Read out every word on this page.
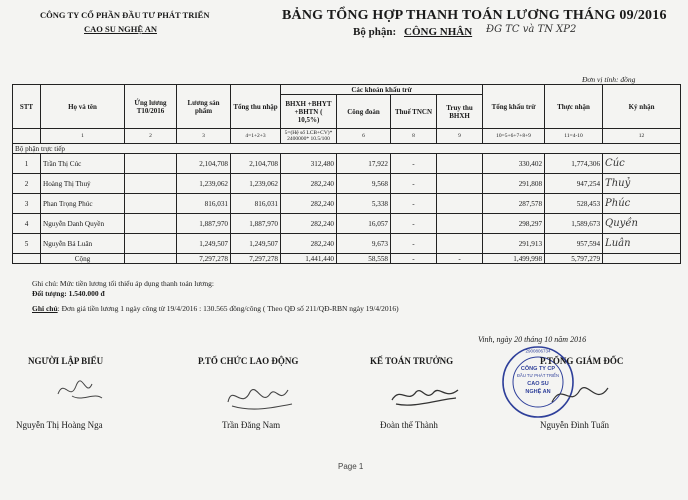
CÔNG TY CỔ PHẦN ĐẦU TƯ PHÁT TRIỂN
CAO SU NGHỆ AN
BẢNG TỔNG HỢP THANH TOÁN LƯƠNG THÁNG 09/2016
Bộ phận: CÔNG NHÂN ĐG TC và TN XP2
Đơn vị tính: đồng
STT	Họ và tên	Ứng lương T10/2016	Lương sản phẩm	Tổng thu nhập	Các khoản khấu trừ				Tổng khấu trừ	Thực nhận	Ký nhận
					BHXH +BHYT +BHTN ( 10,5%)	Công đoàn	Thuế TNCN	Truy thu BHXH			
	1	2	3	4=1+2+3	5=(Hệ số LCB+CV)* 2400000* 10.5/100	6	8	9	10=5+6+7+8+9	11=4-10	12
Bộ phận trực tiếp											
1	Trần Thị Cúc		2,104,708	2,104,708	312,480	17,922	-		330,402	1,774,306	Cúc
2	Hoàng Thị Thuỷ		1,239,062	1,239,062	282,240	9,568	-		291,808	947,254	Thuỷ
3	Phan Trọng Phúc		816,031	816,031	282,240	5,338	-		287,578	528,453	Phúc
4	Nguyễn Danh Quyền		1,887,970	1,887,970	282,240	16,057	-		298,297	1,589,673	Quyền
5	Nguyễn Bá Luân		1,249,507	1,249,507	282,240	9,673	-		291,913	957,594	Luân
	Cộng		7,297,278	7,297,278	1,441,440	58,558	-	-	1,499,998	5,797,279	
Ghi chú: Mức tiền lương tối thiểu áp dụng thanh toán lương:
Đối tượng: 1.540.000 đ
Ghi chú: Đơn giá tiền lương 1 ngày công từ 19/4/2016 : 130.565 đồng/công ( Theo QĐ số 211/QĐ-RBN ngày 19/4/2016)
Vinh, ngày 20 tháng 10 năm 2016
CÔNG TY CP
ĐẦU TƯ PHÁT TRIỂN
CAO SU
NGHỆ AN
2900806734
NGƯỜI LẬP BIỂU	P.TỔ CHỨC LAO ĐỘNG	KẾ TOÁN TRƯỞNG	P.TỔNG GIÁM ĐỐC
Nguyễn Thị Hoàng Nga	Trần Đăng Nam	Đoàn thế Thành	Nguyễn Đình Tuấn
Page 1
